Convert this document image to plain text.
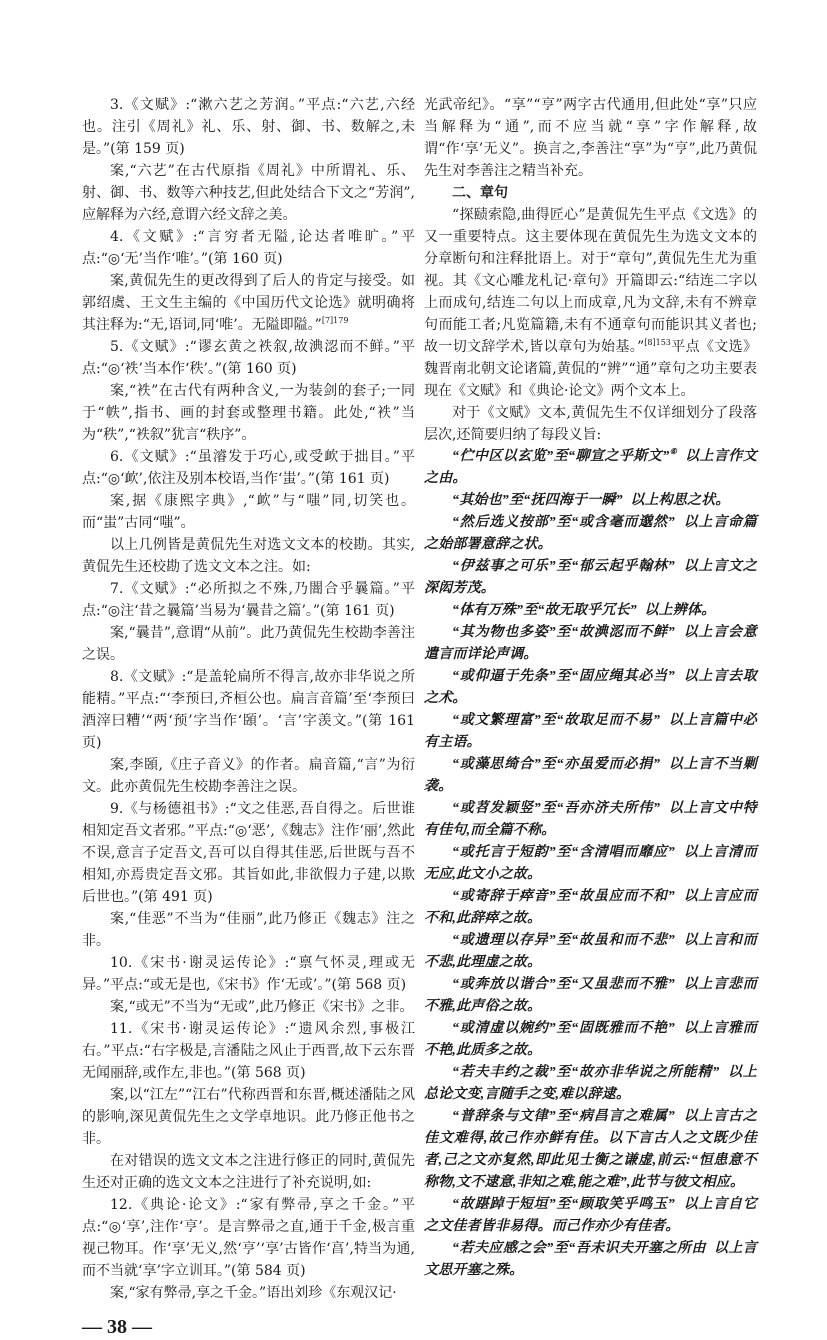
3.《文赋》:“漱六艺之芳润。”平点:“六艺,六经也。注引《周礼》礼、乐、射、御、书、数解之,未是。”(第 159 页)

案,“六艺”在古代原指《周礼》中所谓礼、乐、射、御、书、数等六种技艺,但此处结合下文之“芳润”,应解释为六经,意谓六经文辞之美。

4.《文赋》:“言穷者无隘,论达者唯旷。”平点:“◎‘无’当作‘唯’。”(第 160 页)

案,黄侃先生的更改得到了后人的肯定与接受。如郭绍虞、王文生主编的《中国历代文论选》就明确将其注释为:“无,语词,同‘唯’。无隘即隘。”$^{[7]179}$

5.《文赋》:“谬玄黄之袟叙,故淟涊而不鲜。”平点:“◎‘袟’当本作‘秩’。”(第 160 页)

案,“袟”在古代有两种含义,一为装剑的套子;一同于“帙”,指书、画的封套或整理书籍。此处,“袟”当为“秩”,“袟叙”犹言“秩序”。

6.《文赋》:“虽濬发于巧心,或受欰于拙目。”平点:“◎‘欰’,依注及别本校语,当作‘蚩’。”(第 161 页)

案,据《康熙字典》,“欰”与“嗤”同,切笑也。而“蚩”古同“嗤”。

以上几例皆是黄侃先生对选文文本的校勘。其实,黄侃先生还校勘了选文文本之注。如:

7.《文赋》:“必所拟之不殊,乃闇合乎曩篇。”平点:“◎注‘昔之曩篇’当易为‘曩昔之篇’。”(第 161 页)

案,“曩昔”,意谓“从前”。此乃黄侃先生校勘李善注之误。

8.《文赋》:“是盖轮扁所不得言,故亦非华说之所能精。”平点:“‘李预曰,齐桓公也。扁言音篇’至‘李预曰酒滓曰糟’“两‘预’字当作‘頣’。‘言’字羡文。”(第 161 页)

案,李頣,《庄子音义》的作者。扁音篇,“言”为衍文。此亦黄侃先生校勘李善注之误。

9.《与杨德祖书》:“文之佳恶,吾自得之。后世谁相知定吾文者邪。”平点:“◎‘恶’,《魏志》注作‘丽’,然此不误,意言子定吾文,吾可以自得其佳恶,后世既与吾不相知,亦焉贵定吾文邪。其旨如此,非欲假力子建,以欺后世也。”(第 491 页)

案,“佳恶”不当为“佳丽”,此乃修正《魏志》注之非。

10.《宋书·谢灵运传论》:“禀气怀灵,理或无异。”平点:“或无是也,《宋书》作‘无或’。”(第 568 页)

案,“或无”不当为“无或”,此乃修正《宋书》之非。

11.《宋书·谢灵运传论》:“遗风余烈,事极江右。”平点:“右字极是,言潘陆之风止于西晋,故下云东晋无闻丽辞,或作左,非也。”(第 568 页)

案,以“江左”“江右”代称西晋和东晋,概述潘陆之风的影响,深见黄侃先生之文学卓地识。此乃修正他书之非。

在对错误的选文文本之注进行修正的同时,黄侃先生还对正确的选文文本之注进行了补充说明,如:

12.《典论·论文》:“家有弊帚,享之千金。”平点:“◎‘享’,注作‘亨’。是言弊帚之直,通于千金,极言重视己物耳。作‘享’无义,然‘亨’‘享’古皆作‘亯’,特当为通,而不当就‘享’字立训耳。”(第 584 页)

案,“家有弊帚,享之千金。”语出刘珍《东观汉记·

— 38 —

光武帝纪》。“享”“亨”两字古代通用,但此处“享”只应当解释为“通”,而不应当就“享”字作解释,故谓“作‘享’无义”。换言之,李善注“享”为“亨”,此乃黄侃先生对李善注之精当补充。

二、章句

“探赜索隐,曲得匠心”是黄侃先生平点《文选》的又一重要特点。这主要体现在黄侃先生为选文文本的分章断句和注释批语上。对于“章句”,黄侃先生尤为重视。其《文心雕龙札记·章句》开篇即云:“结连二字以上而成句,结连二句以上而成章,凡为文辞,未有不辨章句而能工者;凡览篇籍,未有不通章句而能识其义者也;故一切文辞学术,皆以章句为始基。”$^{[8]153}$平点《文选》魏晋南北朝文论诸篇,黄侃的“辨”“通”章句之功主要表现在《文赋》和《典论·论文》两个文本上。

对于《文赋》文本,黄侃先生不仅详细划分了段落层次,还简要归纳了每段义旨:

“伫中区以玄览”至“聊宣之乎斯文”⑥  以上言作文之由。

“其始也”至“抚四海于一瞬”  以上构思之状。

“然后选义按部”至“或含毫而邈然”  以上言命篇之始部署意辞之状。

“伊兹事之可乐”至“郁云起乎翰林”  以上言文之深闳芳茂。

“体有万殊”至“故无取乎冗长”  以上辨体。

“其为物也多姿”至“故淟涊而不鲜”  以上言会意遣言而详论声调。

“或仰逼于先条”至“固应绳其必当”  以上言去取之术。

“或文繁理富”至“故取足而不易”  以上言篇中必有主语。

“或藻思绮合”至“亦虽爱而必捐”  以上言不当剿袭。

“或苕发颖竖”至“吾亦济夫所伟”  以上言文中特有佳句,而全篇不称。

“或托言于短韵”至“含清唱而靡应”  以上言清而无应,此文小之故。

“或寄辞于瘁音”至“故虽应而不和”  以上言应而不和,此辞瘁之故。

“或遗理以存异”至“故虽和而不悲”  以上言和而不悲,此理虚之故。

“或奔放以谐合”至“又虽悲而不雅”  以上言悲而不雅,此声俗之故。

“或清虚以婉约”至“固既雅而不艳”  以上言雅而不艳,此质多之故。

“若夫丰约之裁”至“故亦非华说之所能精”  以上总论文变,言随手之变,难以辞逮。

“普辞条与文律”至“病昌言之难属”  以上言古之佳文难得,故己作亦鲜有佳。以下言古人之文既少佳者,己之文亦复然,即此见士衡之谦虚,前云:“恒患意不称物,文不逮意,非知之难,能之难”,此节与彼文相应。

“故踸踔于短垣”至“顾取笑乎鸣玉”  以上言自它之文佳者皆非易得。而己作亦少有佳者。

“若夫应感之会”至“吾未识夫开塞之所由  以上言文思开塞之殊。
